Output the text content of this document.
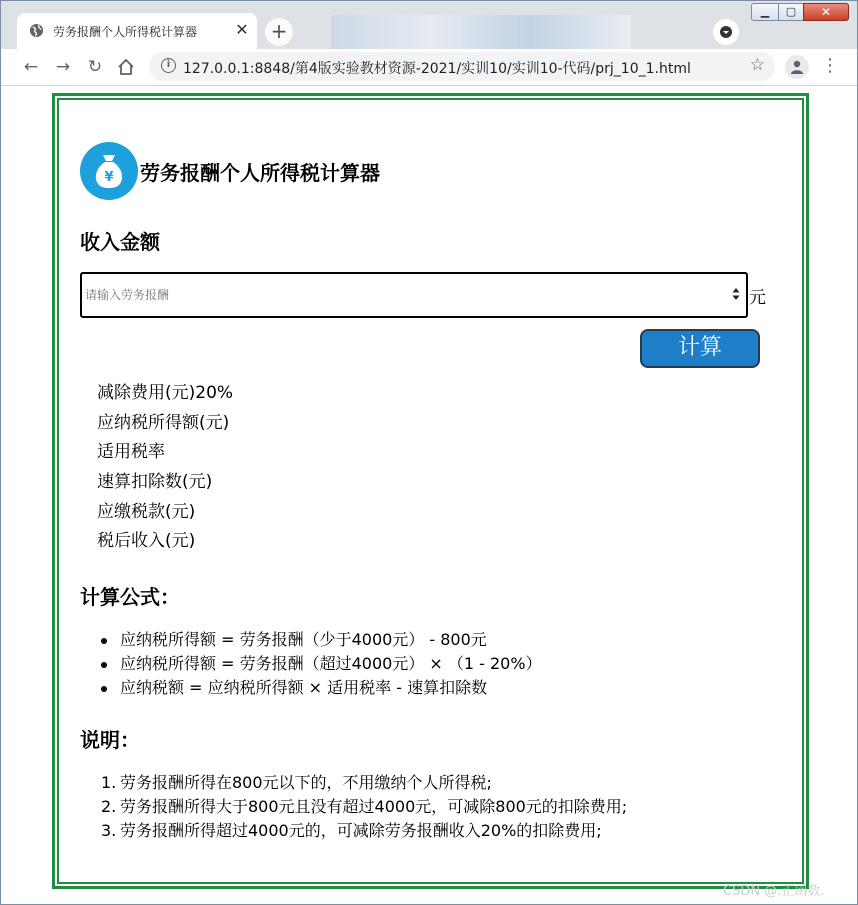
劳务报酬个人所得税计算器 ✕ +
▁	▢	✕
← → ↻	i 127.0.0.1:8848/第4版实验教材资源-2021/实训10/实训10-代码/prj_10_1.html	☆	⋮
¥ 劳务报酬个人所得税计算器
收入金额
请输入劳务报酬
元
计算
减除费用(元)20%
应纳税所得额(元)
适用税率
速算扣除数(元)
应缴税款(元)
税后收入(元)
计算公式：
应纳税所得额 = 劳务报酬（少于4000元） - 800元
应纳税所得额 = 劳务报酬（超过4000元） × （1 - 20%）
应纳税额 = 应纳税所得额 × 适用税率 - 速算扣除数
说明：
1. 劳务报酬所得在800元以下的，不用缴纳个人所得税;
2. 劳务报酬所得大于800元且没有超过4000元，可减除800元的扣除费用;
3. 劳务报酬所得超过4000元的，可减除劳务报酬收入20%的扣除费用;
CSDN @.正函数.
